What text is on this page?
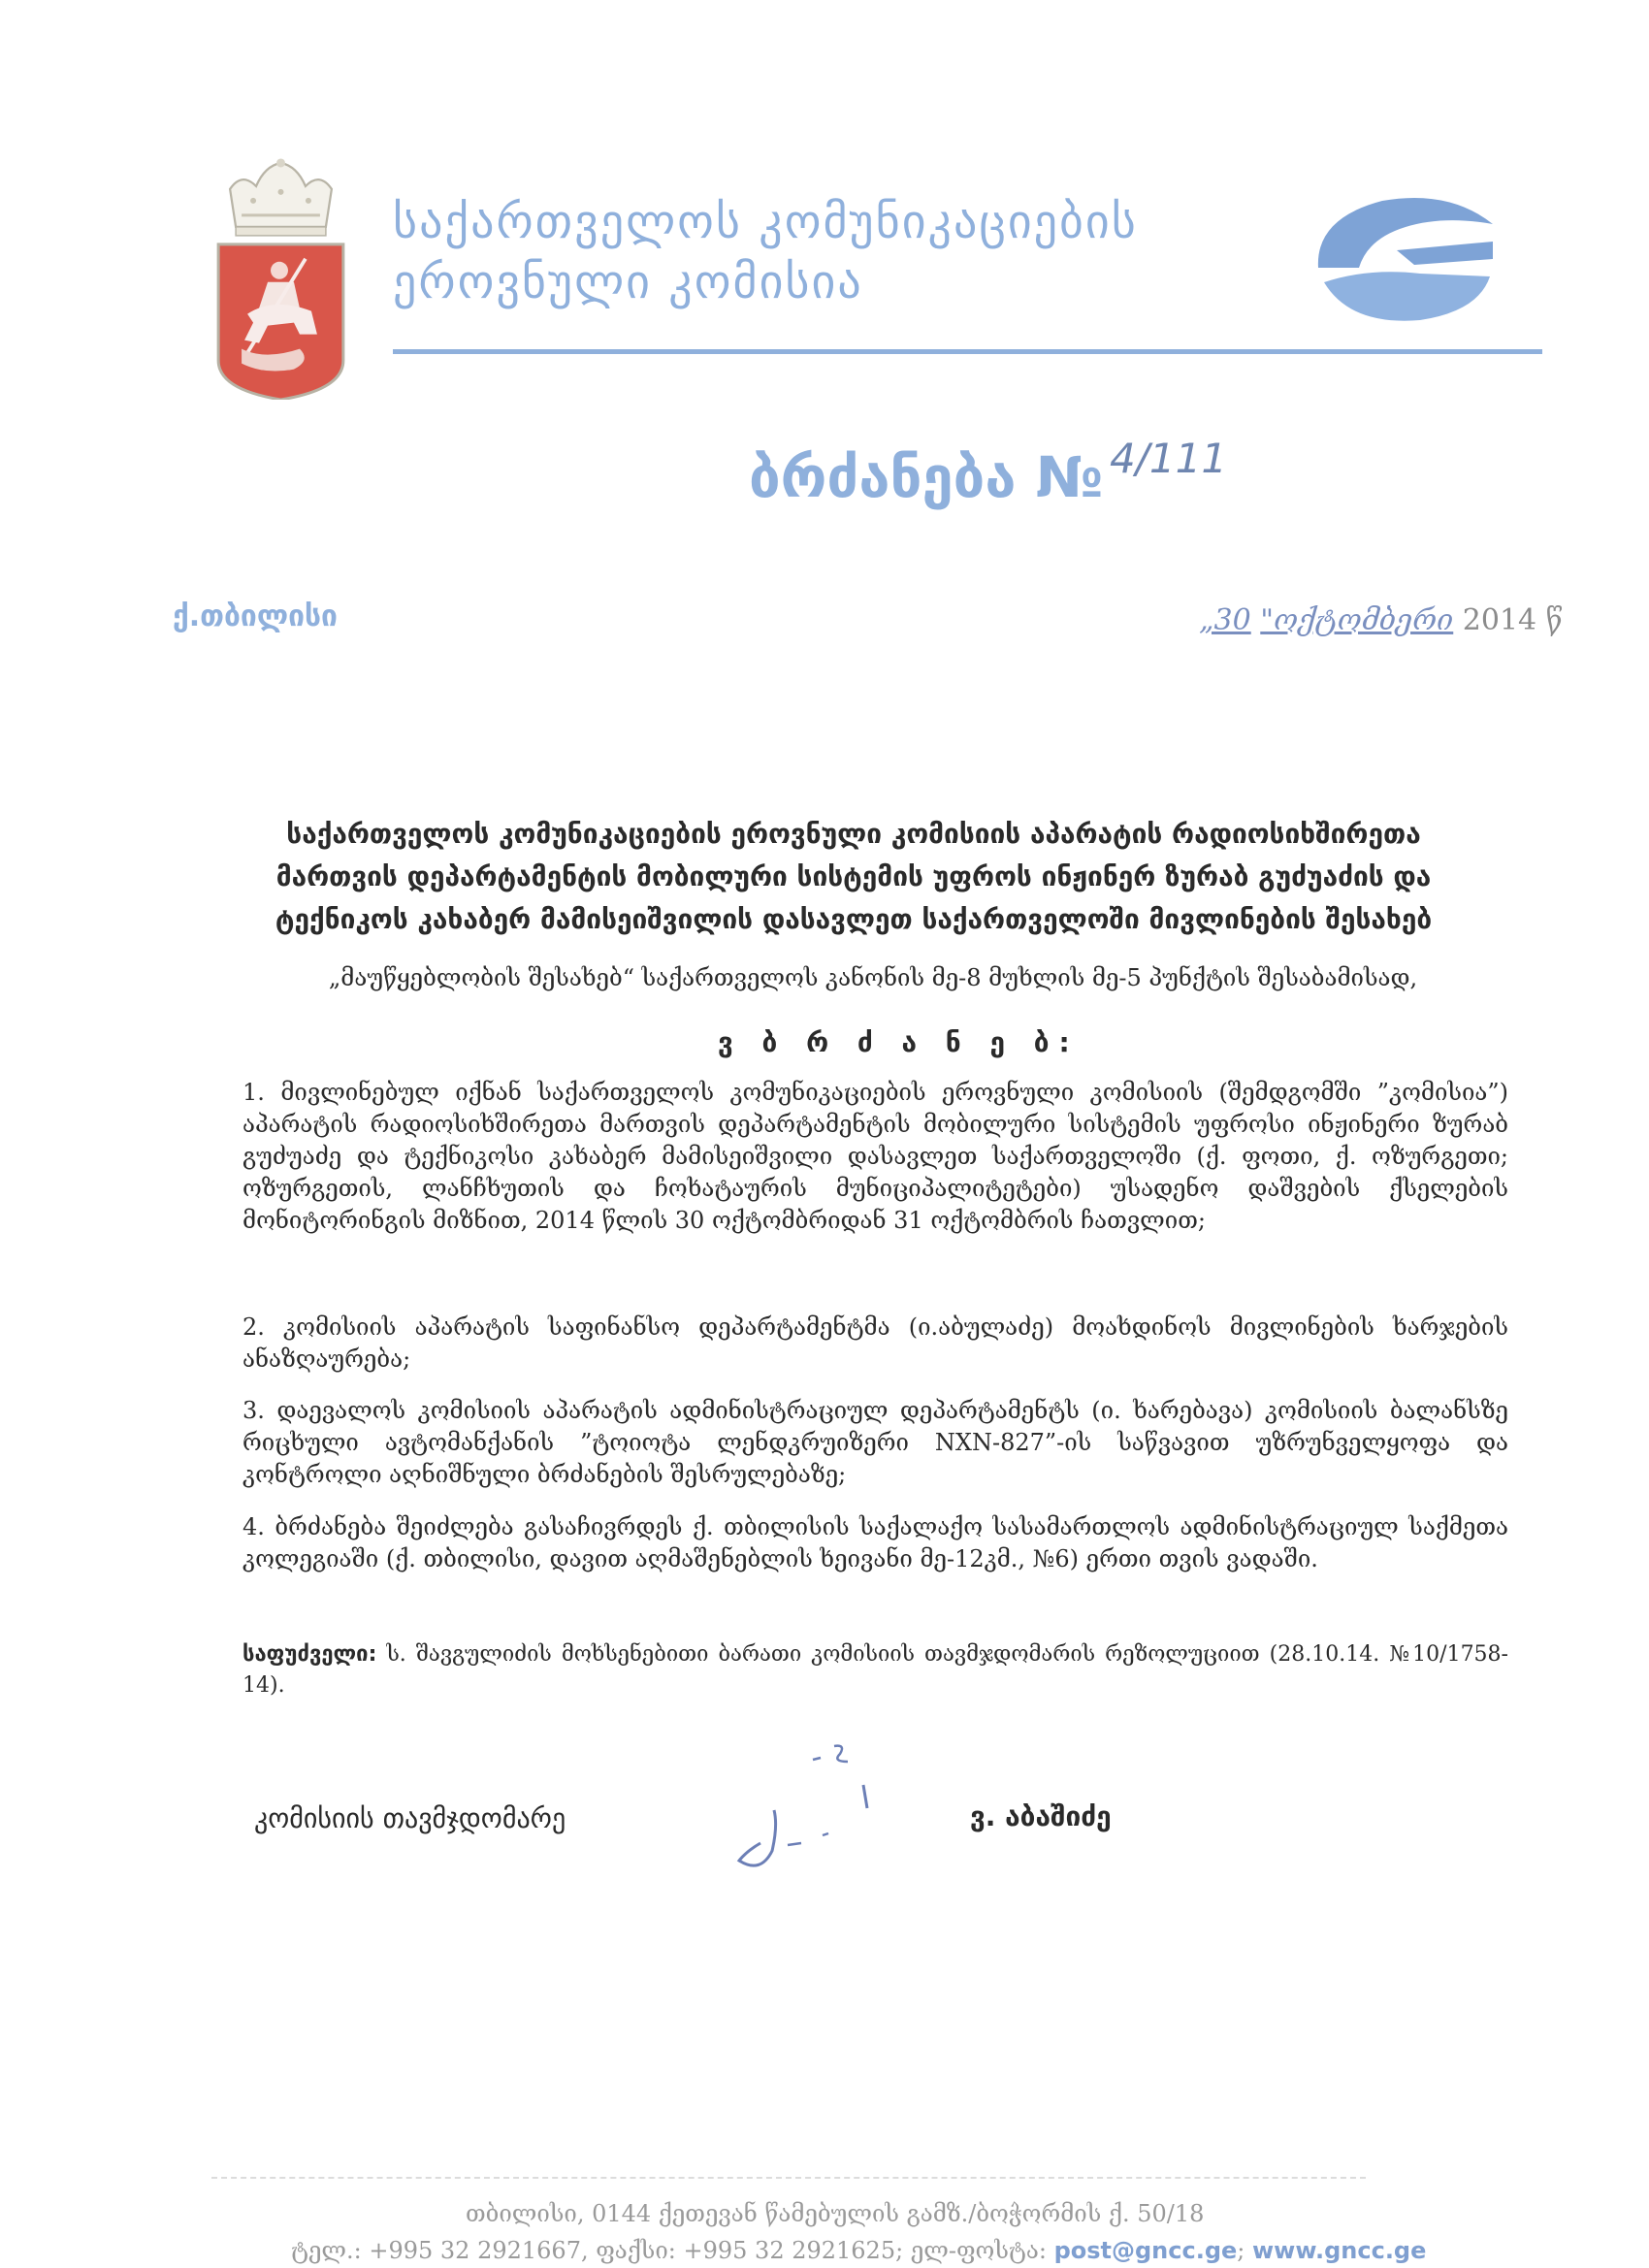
საქართველოს კომუნიკაციების
ეროვნული კომისია
ბრძანება № 4/111
ქ.თბილისი	„30 "ოქტომბერი 2014 წ
საქართველოს კომუნიკაციების ეროვნული კომისიის აპარატის რადიოსიხშირეთა
მართვის დეპარტამენტის მობილური სისტემის უფროს ინჟინერ ზურაბ გუძუაძის და
ტექნიკოს კახაბერ მამისეიშვილის დასავლეთ საქართველოში მივლინების შესახებ
„მაუწყებლობის შესახებ“ საქართველოს კანონის მე-8 მუხლის მე-5 პუნქტის შესაბამისად,
ვ ბ რ ძ ა ნ ე ბ:
1. მივლინებულ იქნან საქართველოს კომუნიკაციების ეროვნული კომისიის (შემდგომში ”კომისია”) აპარატის რადიოსიხშირეთა მართვის დეპარტამენტის მობილური სისტემის უფროსი ინჟინერი ზურაბ გუძუაძე და ტექნიკოსი კახაბერ მამისეიშვილი დასავლეთ საქართველოში (ქ. ფოთი, ქ. ოზურგეთი; ოზურგეთის, ლანჩხუთის და ჩოხატაურის მუნიციპალიტეტები) უსადენო დაშვების ქსელების მონიტორინგის მიზნით, 2014 წლის 30 ოქტომბრიდან 31 ოქტომბრის ჩათვლით;
2. კომისიის აპარატის საფინანსო დეპარტამენტმა (ი.აბულაძე) მოახდინოს მივლინების ხარჯების ანაზღაურება;
3. დაევალოს კომისიის აპარატის ადმინისტრაციულ დეპარტამენტს (ი. ხარებავა) კომისიის ბალანსზე რიცხული ავტომანქანის ”ტოიოტა ლენდკრუიზერი NXN-827”-ის საწვავით უზრუნველყოფა და კონტროლი აღნიშნული ბრძანების შესრულებაზე;
4. ბრძანება შეიძლება გასაჩივრდეს ქ. თბილისის საქალაქო სასამართლოს ადმინისტრაციულ საქმეთა კოლეგიაში (ქ. თბილისი, დავით აღმაშენებლის ხეივანი მე-12კმ., №6) ერთი თვის ვადაში.
საფუძველი: ს. შავგულიძის მოხსენებითი ბარათი კომისიის თავმჯდომარის რეზოლუციით (28.10.14. №10/1758-14).
კომისიის თავმჯდომარე	ვ. აბაშიძე
თბილისი, 0144 ქეთევან წამებულის გამზ./ბოჭორმის ქ. 50/18
ტელ.: +995 32 2921667, ფაქსი: +995 32 2921625; ელ-ფოსტა: post@gncc.ge; www.gncc.ge
